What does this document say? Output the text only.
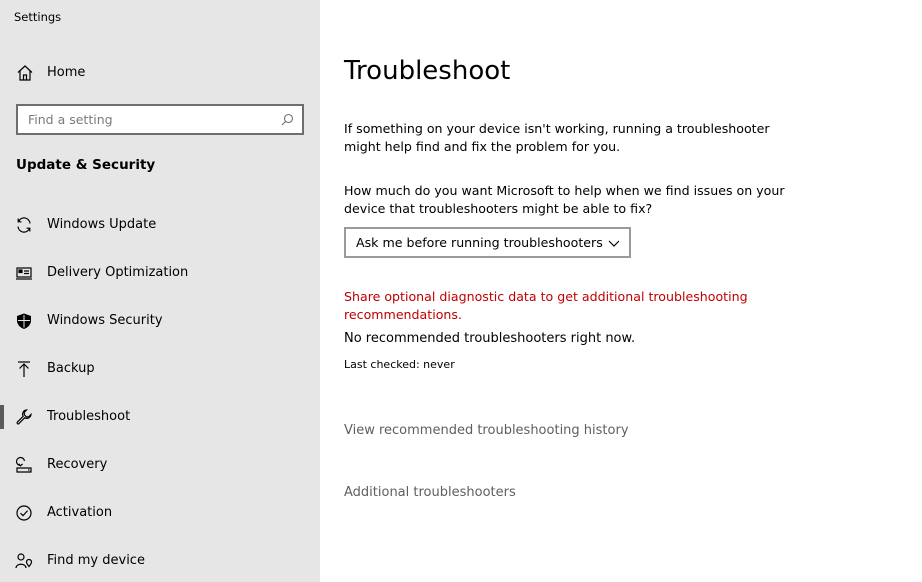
Settings
Home
Find a setting
Update & Security
Windows Update
Delivery Optimization
Windows Security
Backup
Troubleshoot
Recovery
Activation
Find my device
Troubleshoot

If something on your device isn't working, running a troubleshooter might help find and fix the problem for you.

How much do you want Microsoft to help when we find issues on your device that troubleshooters might be able to fix?

Ask me before running troubleshooters

Share optional diagnostic data to get additional troubleshooting recommendations.

No recommended troubleshooters right now.

Last checked: never

View recommended troubleshooting history
Additional troubleshooters
